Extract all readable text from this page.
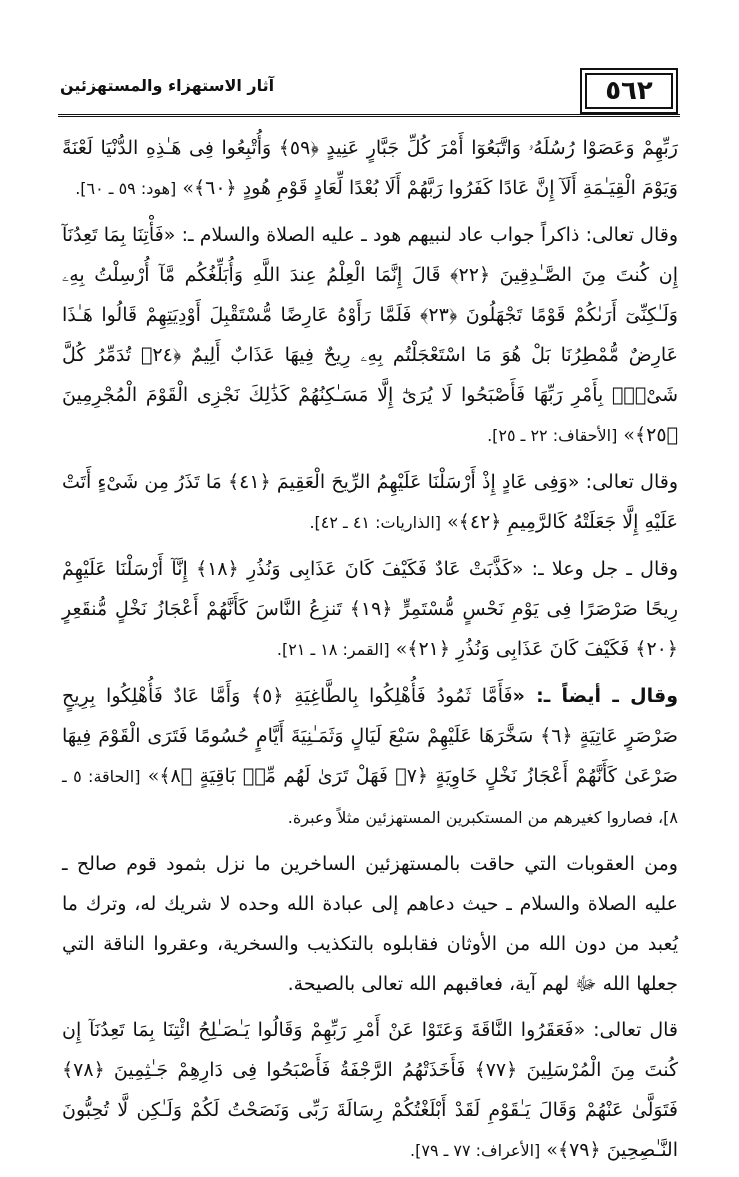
٥٦٢
آثار الاستهزاء والمستهزئين

رَبِّهِمْ وَعَصَوْا رُسُلَهُۥ وَاتَّبَعُوٓا أَمْرَ كُلِّ جَبَّارٍ عَنِيدٍ ﴿٥٩﴾ وَأُتْبِعُوا فِى هَـٰذِهِ الدُّنْيَا لَعْنَةً وَيَوْمَ الْقِيَـٰمَةِ أَلَآ إِنَّ عَادًا كَفَرُوا رَبَّهُمْ أَلَا بُعْدًا لِّعَادٍ قَوْمِ هُودٍ ﴿٦٠﴾» [هود: ٥٩ ـ ٦٠].

وقال تعالى: ذاكراً جواب عاد لنبيهم هود ـ عليه الصلاة والسلام ـ: «فَأْتِنَا بِمَا تَعِدُنَآ إِن كُنتَ مِنَ الصَّـٰدِقِينَ ﴿٢٢﴾ قَالَ إِنَّمَا الْعِلْمُ عِندَ اللَّهِ وَأُبَلِّغُكُم مَّآ أُرْسِلْتُ بِهِۦ وَلَـٰكِنِّىٓ أَرَىٰكُمْ قَوْمًا تَجْهَلُونَ ﴿٢٣﴾ فَلَمَّا رَأَوْهُ عَارِضًا مُّسْتَقْبِلَ أَوْدِيَتِهِمْ قَالُوا هَـٰذَا عَارِضٌ مُّمْطِرُنَا بَلْ هُوَ مَا اسْتَعْجَلْتُم بِهِۦ رِيحٌ فِيهَا عَذَابٌ أَلِيمٌ ﴿٢٤﴾ تُدَمِّرُ كُلَّ شَىْءٍۭ بِأَمْرِ رَبِّهَا فَأَصْبَحُوا لَا يُرَىٰٓ إِلَّا مَسَـٰكِنُهُمْ كَذَٰلِكَ نَجْزِى الْقَوْمَ الْمُجْرِمِينَ ﴿٢٥﴾» [الأحقاف: ٢٢ ـ ٢٥].

وقال تعالى: «وَفِى عَادٍ إِذْ أَرْسَلْنَا عَلَيْهِمُ الرِّيحَ الْعَقِيمَ ﴿٤١﴾ مَا تَذَرُ مِن شَىْءٍ أَتَتْ عَلَيْهِ إِلَّا جَعَلَتْهُ كَالرَّمِيمِ ﴿٤٢﴾» [الذاريات: ٤١ ـ ٤٢].

وقال ـ جل وعلا ـ: «كَذَّبَتْ عَادٌ فَكَيْفَ كَانَ عَذَابِى وَنُذُرِ ﴿١٨﴾ إِنَّآ أَرْسَلْنَا عَلَيْهِمْ رِيحًا صَرْصَرًا فِى يَوْمِ نَحْسٍ مُّسْتَمِرٍّ ﴿١٩﴾ تَنزِعُ النَّاسَ كَأَنَّهُمْ أَعْجَازُ نَخْلٍ مُّنقَعِرٍ ﴿٢٠﴾ فَكَيْفَ كَانَ عَذَابِى وَنُذُرِ ﴿٢١﴾» [القمر: ١٨ ـ ٢١].

وقال ـ أيضاً ـ: «فَأَمَّا ثَمُودُ فَأُهْلِكُوا بِالطَّاغِيَةِ ﴿٥﴾ وَأَمَّا عَادٌ فَأُهْلِكُوا بِرِيحٍ صَرْصَرٍ عَاتِيَةٍ ﴿٦﴾ سَخَّرَهَا عَلَيْهِمْ سَبْعَ لَيَالٍ وَثَمَـٰنِيَةَ أَيَّامٍ حُسُومًا فَتَرَى الْقَوْمَ فِيهَا صَرْعَىٰ كَأَنَّهُمْ أَعْجَازُ نَخْلٍ خَاوِيَةٍ ﴿٧﴾ فَهَلْ تَرَىٰ لَهُم مِّنۢ بَاقِيَةٍ ﴿٨﴾» [الحاقة: ٥ ـ ٨]، فصاروا كغيرهم من المستكبرين المستهزئين مثلاً وعبرة.

ومن العقوبات التي حاقت بالمستهزئين الساخرين ما نزل بثمود قوم صالح ـ عليه الصلاة والسلام ـ حيث دعاهم إلى عبادة الله وحده لا شريك له، وترك ما يُعبد من دون الله من الأوثان فقابلوه بالتكذيب والسخرية، وعقروا الناقة التي جعلها الله ﷻ لهم آية، فعاقبهم الله تعالى بالصيحة.

قال تعالى: «فَعَقَرُوا النَّاقَةَ وَعَتَوْا عَنْ أَمْرِ رَبِّهِمْ وَقَالُوا يَـٰصَـٰلِحُ ائْتِنَا بِمَا تَعِدُنَآ إِن كُنتَ مِنَ الْمُرْسَلِينَ ﴿٧٧﴾ فَأَخَذَتْهُمُ الرَّجْفَةُ فَأَصْبَحُوا فِى دَارِهِمْ جَـٰثِمِينَ ﴿٧٨﴾ فَتَوَلَّىٰ عَنْهُمْ وَقَالَ يَـٰقَوْمِ لَقَدْ أَبْلَغْتُكُمْ رِسَالَةَ رَبِّى وَنَصَحْتُ لَكُمْ وَلَـٰكِن لَّا تُحِبُّونَ النَّـٰصِحِينَ ﴿٧٩﴾» [الأعراف: ٧٧ ـ ٧٩].
